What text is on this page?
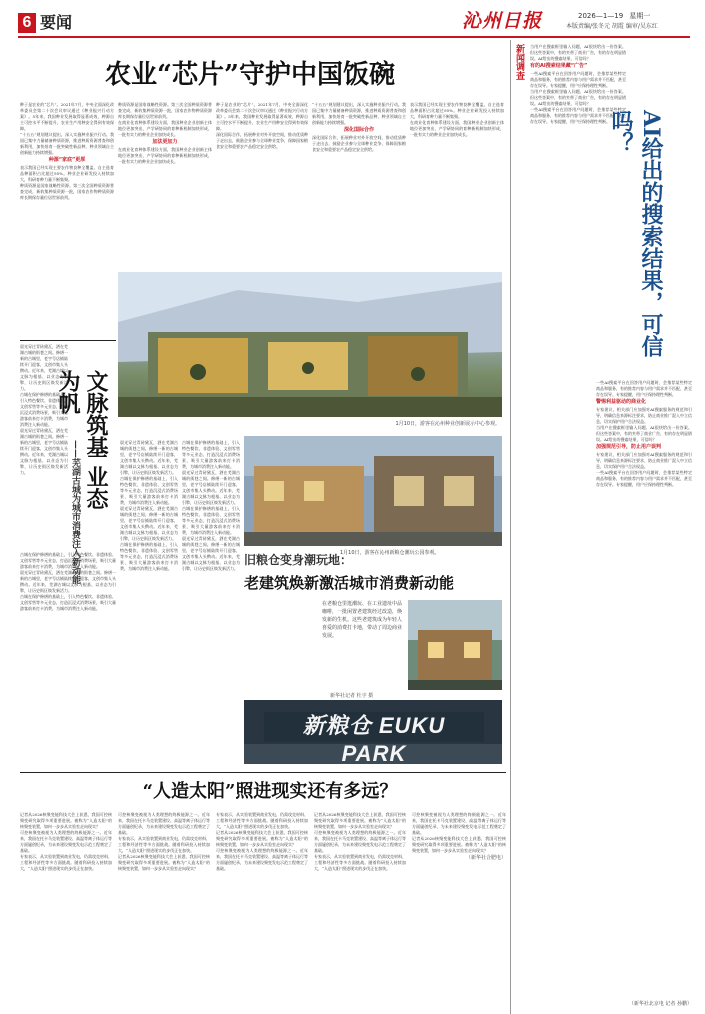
6 要闻	沁州日报	2026—1—19 星期一
本版责编/张冬元 胡霞 编审/吴东红
农业“芯片”守护中国饭碗

种子是农业的“芯片”。2021年7月，中央全面深化改革委员会第二十次会议审议通过《种业振兴行动方案》。5年来，我国种业发展取得显著成效，种源自主可控水平不断提升，农业生产用种安全得到有效保障。

“十五五”规划建议提出，深入实施种业振兴行动。我国已集中力量储备种质资源，推进种质资源普查和创新利用，加快培育一批突破性新品种，种业领域自主创新能力持续增强。

种源“家底”更厚

表示我国已经实现主要农作物良种全覆盖。自主选育品种面积占比超过95%。种业企业研发投入持续加大，科研育种力量不断集聚。

种质资源是国家战略性资源。第三次全国种质资源普查完成，新收集种质资源一批，国家农作物种质资源库长期保存量位居世界前列。

种质资源是国家战略性资源。第三次全国种质资源普查完成，新收集种质资源一批，国家农作物种质资源库长期保存量位居世界前列。

在商业化育种体系建设方面，我国种业企业创新主体地位更加突出，产学研协同的育种新机制加快形成，一批有实力的种业企业加快成长。

加法更加力

在商业化育种体系建设方面，我国种业企业创新主体地位更加突出，产学研协同的育种新机制加快形成，一批有实力的种业企业加快成长。

种子是农业的“芯片”。2021年7月，中央全面深化改革委员会第二十次会议审议通过《种业振兴行动方案》。5年来，我国种业发展取得显著成效，种源自主可控水平不断提升，农业生产用种安全得到有效保障。

深化国际合作，拓展种业对外开放空间，推动优质种子走出去，鼓励企业参与全球种业竞争，保障国家粮食安全和重要农产品稳定安全供给。

“十五五”规划建议提出，深入实施种业振兴行动。我国已集中力量储备种质资源，推进种质资源普查和创新利用，加快培育一批突破性新品种，种业领域自主创新能力持续增强。

深化国际合作

深化国际合作，拓展种业对外开放空间，推动优质种子走出去，鼓励企业参与全球种业竞争，保障国家粮食安全和重要农产品稳定安全供给。

表示我国已经实现主要农作物良种全覆盖。自主选育品种面积占比超过95%。种业企业研发投入持续加大，科研育种力量不断集聚。

在商业化育种体系建设方面，我国种业企业创新主体地位更加突出，产学研协同的育种新机制加快形成，一批有实力的种业企业加快成长。

1月10日，游客在沁州种业创新展示中心参观。

晨光穿过青砖黛瓦，洒在芜湖古城的街巷之间。修缮一新的古城里，老字号店铺陆续开门迎客，文创市集人头攒动。近年来，芜湖古城以文脉为根基、以业态为引擎，让历史街区焕发新活力。

古城在保护修缮的基础上，引入特色餐饮、非遗体验、文创零售等多元业态，打造沉浸式消费场景，吸引大量游客前来打卡消费，为城市消费注入新动能。

晨光穿过青砖黛瓦，洒在芜湖古城的街巷之间。修缮一新的古城里，老字号店铺陆续开门迎客，文创市集人头攒动。近年来，芜湖古城以文脉为根基、以业态为引擎，让历史街区焕发新活力。	文脉筑基 业态为帆
——芜湖古城为城市消费注入新动能

古城在保护修缮的基础上，引入特色餐饮、非遗体验、文创零售等多元业态，打造沉浸式消费场景，吸引大量游客前来打卡消费，为城市消费注入新动能。

晨光穿过青砖黛瓦，洒在芜湖古城的街巷之间。修缮一新的古城里，老字号店铺陆续开门迎客，文创市集人头攒动。近年来，芜湖古城以文脉为根基、以业态为引擎，让历史街区焕发新活力。

古城在保护修缮的基础上，引入特色餐饮、非遗体验、文创零售等多元业态，打造沉浸式消费场景，吸引大量游客前来打卡消费，为城市消费注入新动能。

晨光穿过青砖黛瓦，洒在芜湖古城的街巷之间。修缮一新的古城里，老字号店铺陆续开门迎客，文创市集人头攒动。近年来，芜湖古城以文脉为根基、以业态为引擎，让历史街区焕发新活力。

古城在保护修缮的基础上，引入特色餐饮、非遗体验、文创零售等多元业态，打造沉浸式消费场景，吸引大量游客前来打卡消费，为城市消费注入新动能。

晨光穿过青砖黛瓦，洒在芜湖古城的街巷之间。修缮一新的古城里，老字号店铺陆续开门迎客，文创市集人头攒动。近年来，芜湖古城以文脉为根基、以业态为引擎，让历史街区焕发新活力。

古城在保护修缮的基础上，引入特色餐饮、非遗体验、文创零售等多元业态，打造沉浸式消费场景，吸引大量游客前来打卡消费，为城市消费注入新动能。

古城在保护修缮的基础上，引入特色餐饮、非遗体验、文创零售等多元业态，打造沉浸式消费场景，吸引大量游客前来打卡消费，为城市消费注入新动能。

晨光穿过青砖黛瓦，洒在芜湖古城的街巷之间。修缮一新的古城里，老字号店铺陆续开门迎客，文创市集人头攒动。近年来，芜湖古城以文脉为根基、以业态为引擎，让历史街区焕发新活力。

古城在保护修缮的基础上，引入特色餐饮、非遗体验、文创零售等多元业态，打造沉浸式消费场景，吸引大量游客前来打卡消费，为城市消费注入新动能。

晨光穿过青砖黛瓦，洒在芜湖古城的街巷之间。修缮一新的古城里，老字号店铺陆续开门迎客，文创市集人头攒动。近年来，芜湖古城以文脉为根基、以业态为引擎，让历史街区焕发新活力。

1月10日，游客在沁州新粮仓潮玩公园参观。
旧粮仓变身潮玩地：
老建筑焕新激活城市消费新动能
在老粮仓里逛潮玩、在工业遗址中品咖啡，一批闲置老建筑经过改造，焕发新的生机。这些老建筑成为年轻人喜爱的消费打卡地，带动了周边商业发展。
新华社记者 杜宇 摄
新粮仓 EUKU PARK
新闻调查	当用户在搜索框里输入问题，AI很快给出一份答案。但这些答案中，有的夹带了商业广告，有的存在明显错误。AI给出的搜索结果，可信吗？

有的AI搜索结果藏“广告”

一些AI搜索平台在回答用户问题时，会推荐某些特定商品和服务，有的推荐内容与用户需求并不匹配，甚至存在误导。专家提醒，用户应保持理性判断。

当用户在搜索框里输入问题，AI很快给出一份答案。但这些答案中，有的夹带了商业广告，有的存在明显错误。AI给出的搜索结果，可信吗？

一些AI搜索平台在回答用户问题时，会推荐某些特定商品和服务，有的推荐内容与用户需求并不匹配，甚至存在误导。专家提醒，用户应保持理性判断。	AI给出的搜索结果，可信吗？

一些AI搜索平台在回答用户问题时，会推荐某些特定商品和服务，有的推荐内容与用户需求并不匹配，甚至存在误导。专家提醒，用户应保持理性判断。

警惕利益驱动的商业化

专家建议，相关部门应加强对AI搜索服务的规范和引导，明确信息来源标注要求，防止商业推广混入中立信息，切实保护用户合法权益。

当用户在搜索框里输入问题，AI很快给出一份答案。但这些答案中，有的夹带了商业广告，有的存在明显错误。AI给出的搜索结果，可信吗？

加强规范引导，防止用户误判

专家建议，相关部门应加强对AI搜索服务的规范和引导，明确信息来源标注要求，防止商业推广混入中立信息，切实保护用户合法权益。

一些AI搜索平台在回答用户问题时，会推荐某些特定商品和服务，有的推荐内容与用户需求并不匹配，甚至存在误导。专家提醒，用户应保持理性判断。

（新华社北京电 记者 孙鹏）
“人造太阳”照进现实还有多远？

记者从2026核聚变能科技大会上获悉，我国可控核聚变研究取得多项重要进展。被称为“人造太阳”的核聚变装置，如何一步步从实验室走向现实？

可控核聚变被视为人类理想的终极能源之一。近年来，我国在托卡马克装置建设、高温等离子体运行等方面屡创纪录，为未来建设聚变发电示范工程奠定了基础。

专家表示，从实验装置到商业发电，仍需攻克材料、工程和经济性等多方面挑战。随着科研投入持续加大，“人造太阳”照进现实的步伐正在加快。

可控核聚变被视为人类理想的终极能源之一。近年来，我国在托卡马克装置建设、高温等离子体运行等方面屡创纪录，为未来建设聚变发电示范工程奠定了基础。

专家表示，从实验装置到商业发电，仍需攻克材料、工程和经济性等多方面挑战。随着科研投入持续加大，“人造太阳”照进现实的步伐正在加快。

记者从2026核聚变能科技大会上获悉，我国可控核聚变研究取得多项重要进展。被称为“人造太阳”的核聚变装置，如何一步步从实验室走向现实？

专家表示，从实验装置到商业发电，仍需攻克材料、工程和经济性等多方面挑战。随着科研投入持续加大，“人造太阳”照进现实的步伐正在加快。

记者从2026核聚变能科技大会上获悉，我国可控核聚变研究取得多项重要进展。被称为“人造太阳”的核聚变装置，如何一步步从实验室走向现实？

可控核聚变被视为人类理想的终极能源之一。近年来，我国在托卡马克装置建设、高温等离子体运行等方面屡创纪录，为未来建设聚变发电示范工程奠定了基础。

记者从2026核聚变能科技大会上获悉，我国可控核聚变研究取得多项重要进展。被称为“人造太阳”的核聚变装置，如何一步步从实验室走向现实？

可控核聚变被视为人类理想的终极能源之一。近年来，我国在托卡马克装置建设、高温等离子体运行等方面屡创纪录，为未来建设聚变发电示范工程奠定了基础。

专家表示，从实验装置到商业发电，仍需攻克材料、工程和经济性等多方面挑战。随着科研投入持续加大，“人造太阳”照进现实的步伐正在加快。

可控核聚变被视为人类理想的终极能源之一。近年来，我国在托卡马克装置建设、高温等离子体运行等方面屡创纪录，为未来建设聚变发电示范工程奠定了基础。

记者从2026核聚变能科技大会上获悉，我国可控核聚变研究取得多项重要进展。被称为“人造太阳”的核聚变装置，如何一步步从实验室走向现实？

（新华社合肥电）
